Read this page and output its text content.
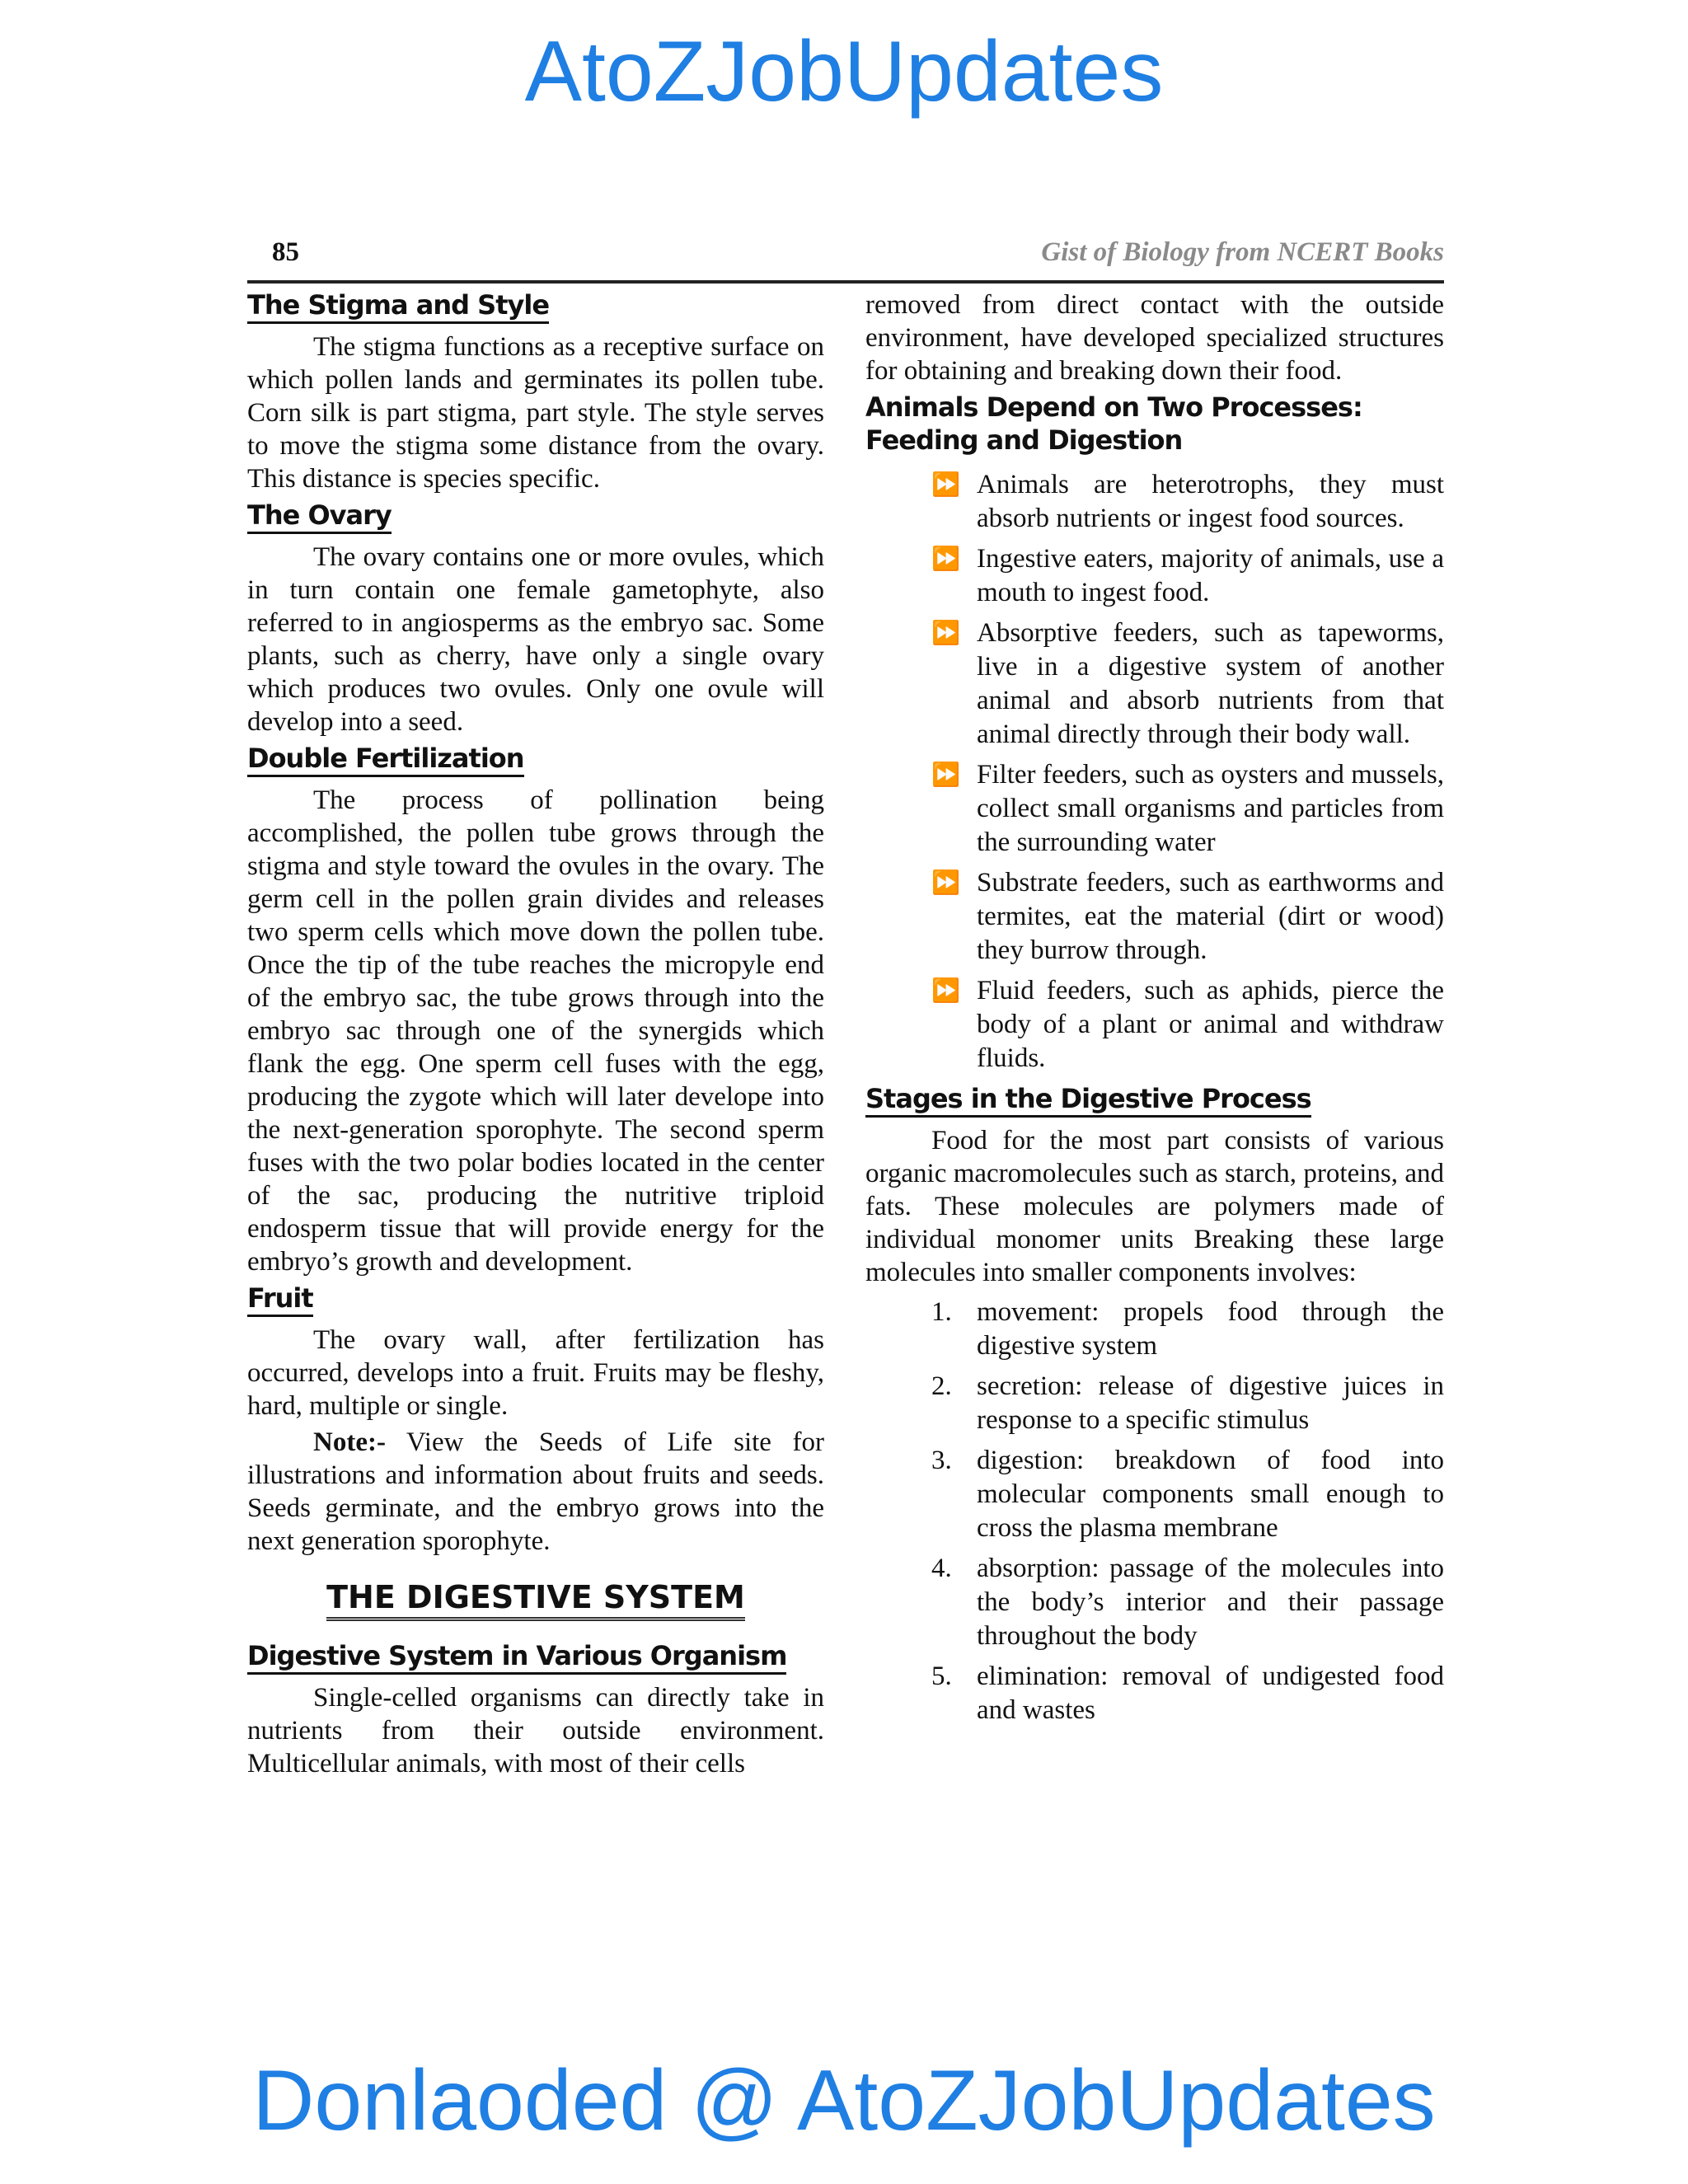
AtoZJobUpdates
85	Gist of Biology from NCERT Books
The Stigma and Style

The stigma functions as a receptive surface on which pollen lands and germinates its pollen tube. Corn silk is part stigma, part style. The style serves to move the stigma some distance from the ovary. This distance is species specific.

The Ovary

The ovary contains one or more ovules, which in turn contain one female gametophyte, also referred to in angiosperms as the embryo sac. Some plants, such as cherry, have only a single ovary which produces two ovules. Only one ovule will develop into a seed.

Double Fertilization

The process of pollination being accomplished, the pollen tube grows through the stigma and style toward the ovules in the ovary. The germ cell in the pollen grain divides and releases two sperm cells which move down the pollen tube. Once the tip of the tube reaches the micropyle end of the embryo sac, the tube grows through into the embryo sac through one of the synergids which flank the egg. One sperm cell fuses with the egg, producing the zygote which will later develope into the next-generation sporophyte. The second sperm fuses with the two polar bodies located in the center of the sac, producing the nutritive triploid endosperm tissue that will provide energy for the embryo’s growth and development.

Fruit

The ovary wall, after fertilization has occurred, develops into a fruit. Fruits may be fleshy, hard, multiple or single.

Note:- View the Seeds of Life site for illustrations and information about fruits and seeds. Seeds germinate, and the embryo grows into the next generation sporophyte.

THE DIGESTIVE SYSTEM
Digestive System in Various Organism

Single-celled organisms can directly take in nutrients from their outside environment. Multicellular animals, with most of their cells

removed from direct contact with the outside environment, have developed specialized structures for obtaining and breaking down their food.

Animals Depend on Two Processes:
Feeding and Digestion
⏩ Animals are heterotrophs, they must absorb nutrients or ingest food sources.
⏩ Ingestive eaters, majority of animals, use a mouth to ingest food.
⏩ Absorptive feeders, such as tapeworms, live in a digestive system of another animal and absorb nutrients from that animal directly through their body wall.
⏩ Filter feeders, such as oysters and mussels, collect small organisms and particles from the surrounding water
⏩ Substrate feeders, such as earthworms and termites, eat the material (dirt or wood) they burrow through.
⏩ Fluid feeders, such as aphids, pierce the body of a plant or animal and withdraw fluids.
Stages in the Digestive Process

Food for the most part consists of various organic macromolecules such as starch, proteins, and fats. These molecules are polymers made of individual monomer units Breaking these large molecules into smaller components involves:

1. movement: propels food through the digestive system
2. secretion: release of digestive juices in response to a specific stimulus
3. digestion: breakdown of food into molecular components small enough to cross the plasma membrane
4. absorption: passage of the molecules into the body’s interior and their passage throughout the body
5. elimination: removal of undigested food and wastes
Donlaoded @ AtoZJobUpdates
